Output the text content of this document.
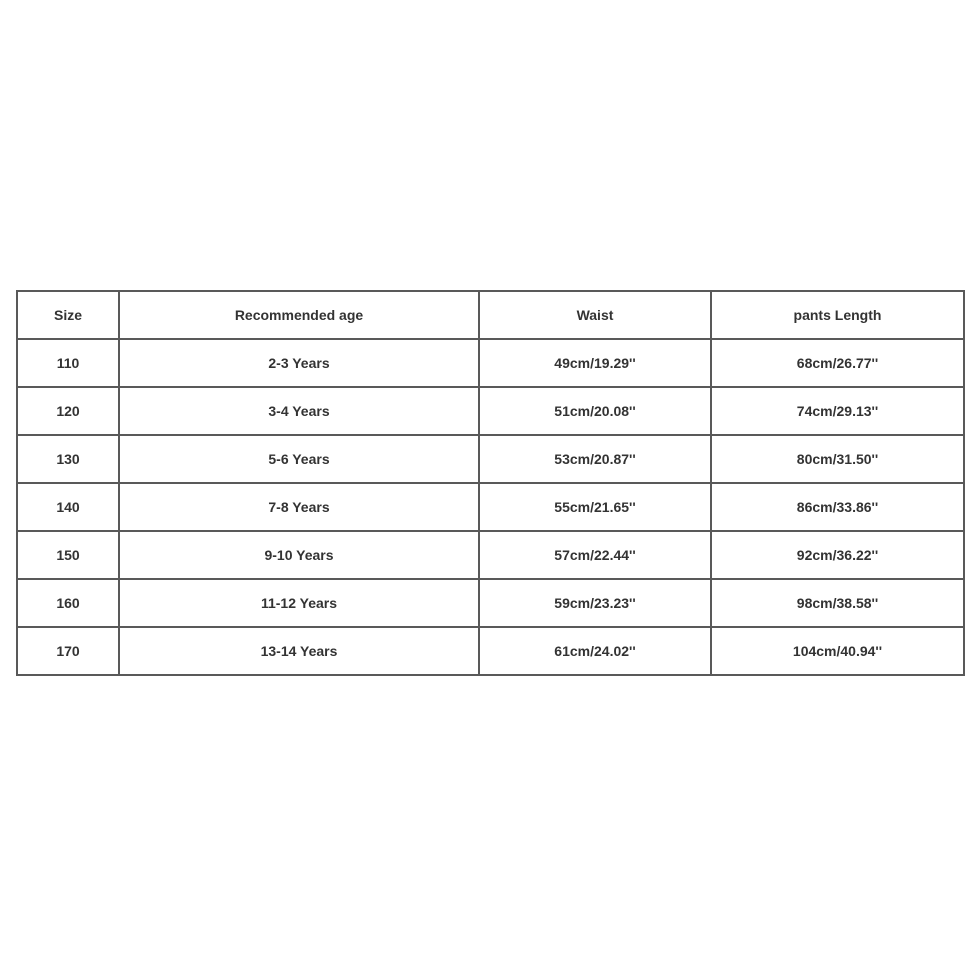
Size	Recommended age	Waist	pants Length
110	2-3 Years	49cm/19.29''	68cm/26.77''
120	3-4 Years	51cm/20.08''	74cm/29.13''
130	5-6 Years	53cm/20.87''	80cm/31.50''
140	7-8 Years	55cm/21.65''	86cm/33.86''
150	9-10 Years	57cm/22.44''	92cm/36.22''
160	11-12 Years	59cm/23.23''	98cm/38.58''
170	13-14 Years	61cm/24.02''	104cm/40.94''
